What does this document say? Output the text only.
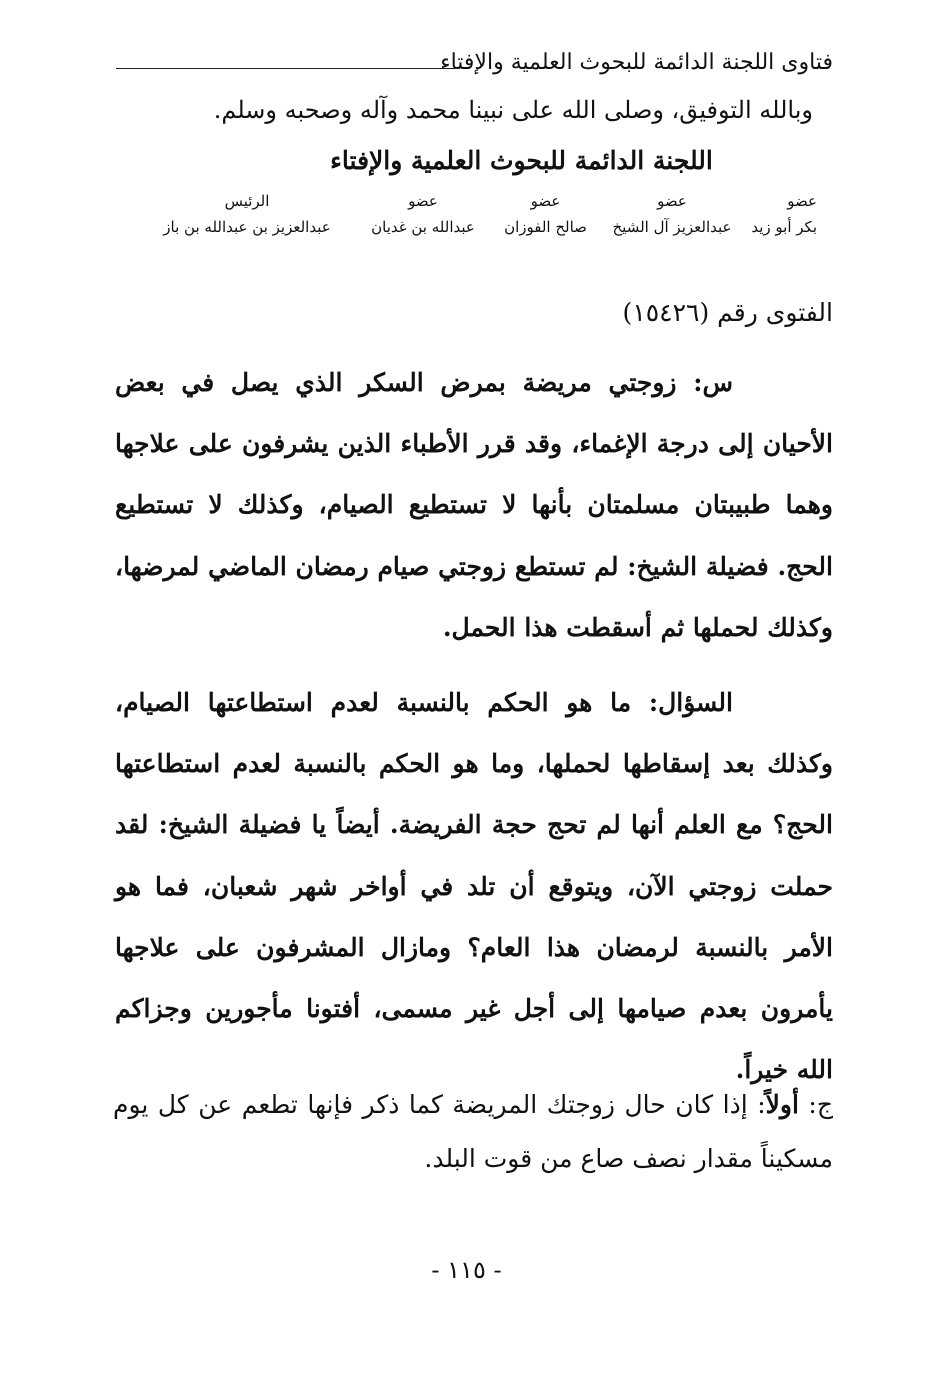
فتاوى اللجنة الدائمة للبحوث العلمية والإفتاء
وبالله التوفيق، وصلى الله على نبينا محمد وآله وصحبه وسلم.
اللجنة الدائمة للبحوث العلمية والإفتاء
عضو
بكر أبو زيد
عضو
عبدالعزيز آل الشيخ
عضو
صالح الفوزان
عضو
عبدالله بن غديان
الرئيس
عبدالعزيز بن عبدالله بن باز
الفتوى رقم (١٥٤٢٦)

س: زوجتي مريضة بمرض السكر الذي يصل في بعض الأحيان إلى درجة الإغماء، وقد قرر الأطباء الذين يشرفون على علاجها وهما طبيبتان مسلمتان بأنها لا تستطيع الصيام، وكذلك لا تستطيع الحج. فضيلة الشيخ: لم تستطع زوجتي صيام رمضان الماضي لمرضها، وكذلك لحملها ثم أسقطت هذا الحمل.

السؤال: ما هو الحكم بالنسبة لعدم استطاعتها الصيام، وكذلك بعد إسقاطها لحملها، وما هو الحكم بالنسبة لعدم استطاعتها الحج؟ مع العلم أنها لم تحج حجة الفريضة. أيضاً يا فضيلة الشيخ: لقد حملت زوجتي الآن، ويتوقع أن تلد في أواخر شهر شعبان، فما هو الأمر بالنسبة لرمضان هذا العام؟ ومازال المشرفون على علاجها يأمرون بعدم صيامها إلى أجل غير مسمى، أفتونا مأجورين وجزاكم الله خيراً.

ج: أولاً: إذا كان حال زوجتك المريضة كما ذكر فإنها تطعم عن كل يوم مسكيناً مقدار نصف صاع من قوت البلد.
- ١١٥ -
